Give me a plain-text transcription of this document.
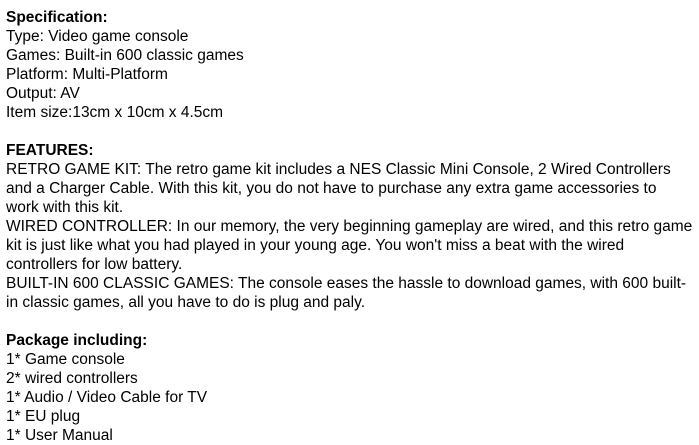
Specification:

Type: Video game console

Games: Built-in 600 classic games

Platform: Multi-Platform

Output: AV

Item size:13cm x 10cm x 4.5cm

FEATURES:

RETRO GAME KIT: The retro game kit includes a NES Classic Mini Console, 2 Wired Controllers and a Charger Cable. With this kit, you do not have to purchase any extra game accessories to work with this kit.

WIRED CONTROLLER: In our memory, the very beginning gameplay are wired, and this retro game kit is just like what you had played in your young age. You won't miss a beat with the wired controllers for low battery.

BUILT-IN 600 CLASSIC GAMES: The console eases the hassle to download games, with 600 built-in classic games, all you have to do is plug and paly.

Package including:

1* Game console

2* wired controllers

1* Audio / Video Cable for TV

1* EU plug

1* User Manual
